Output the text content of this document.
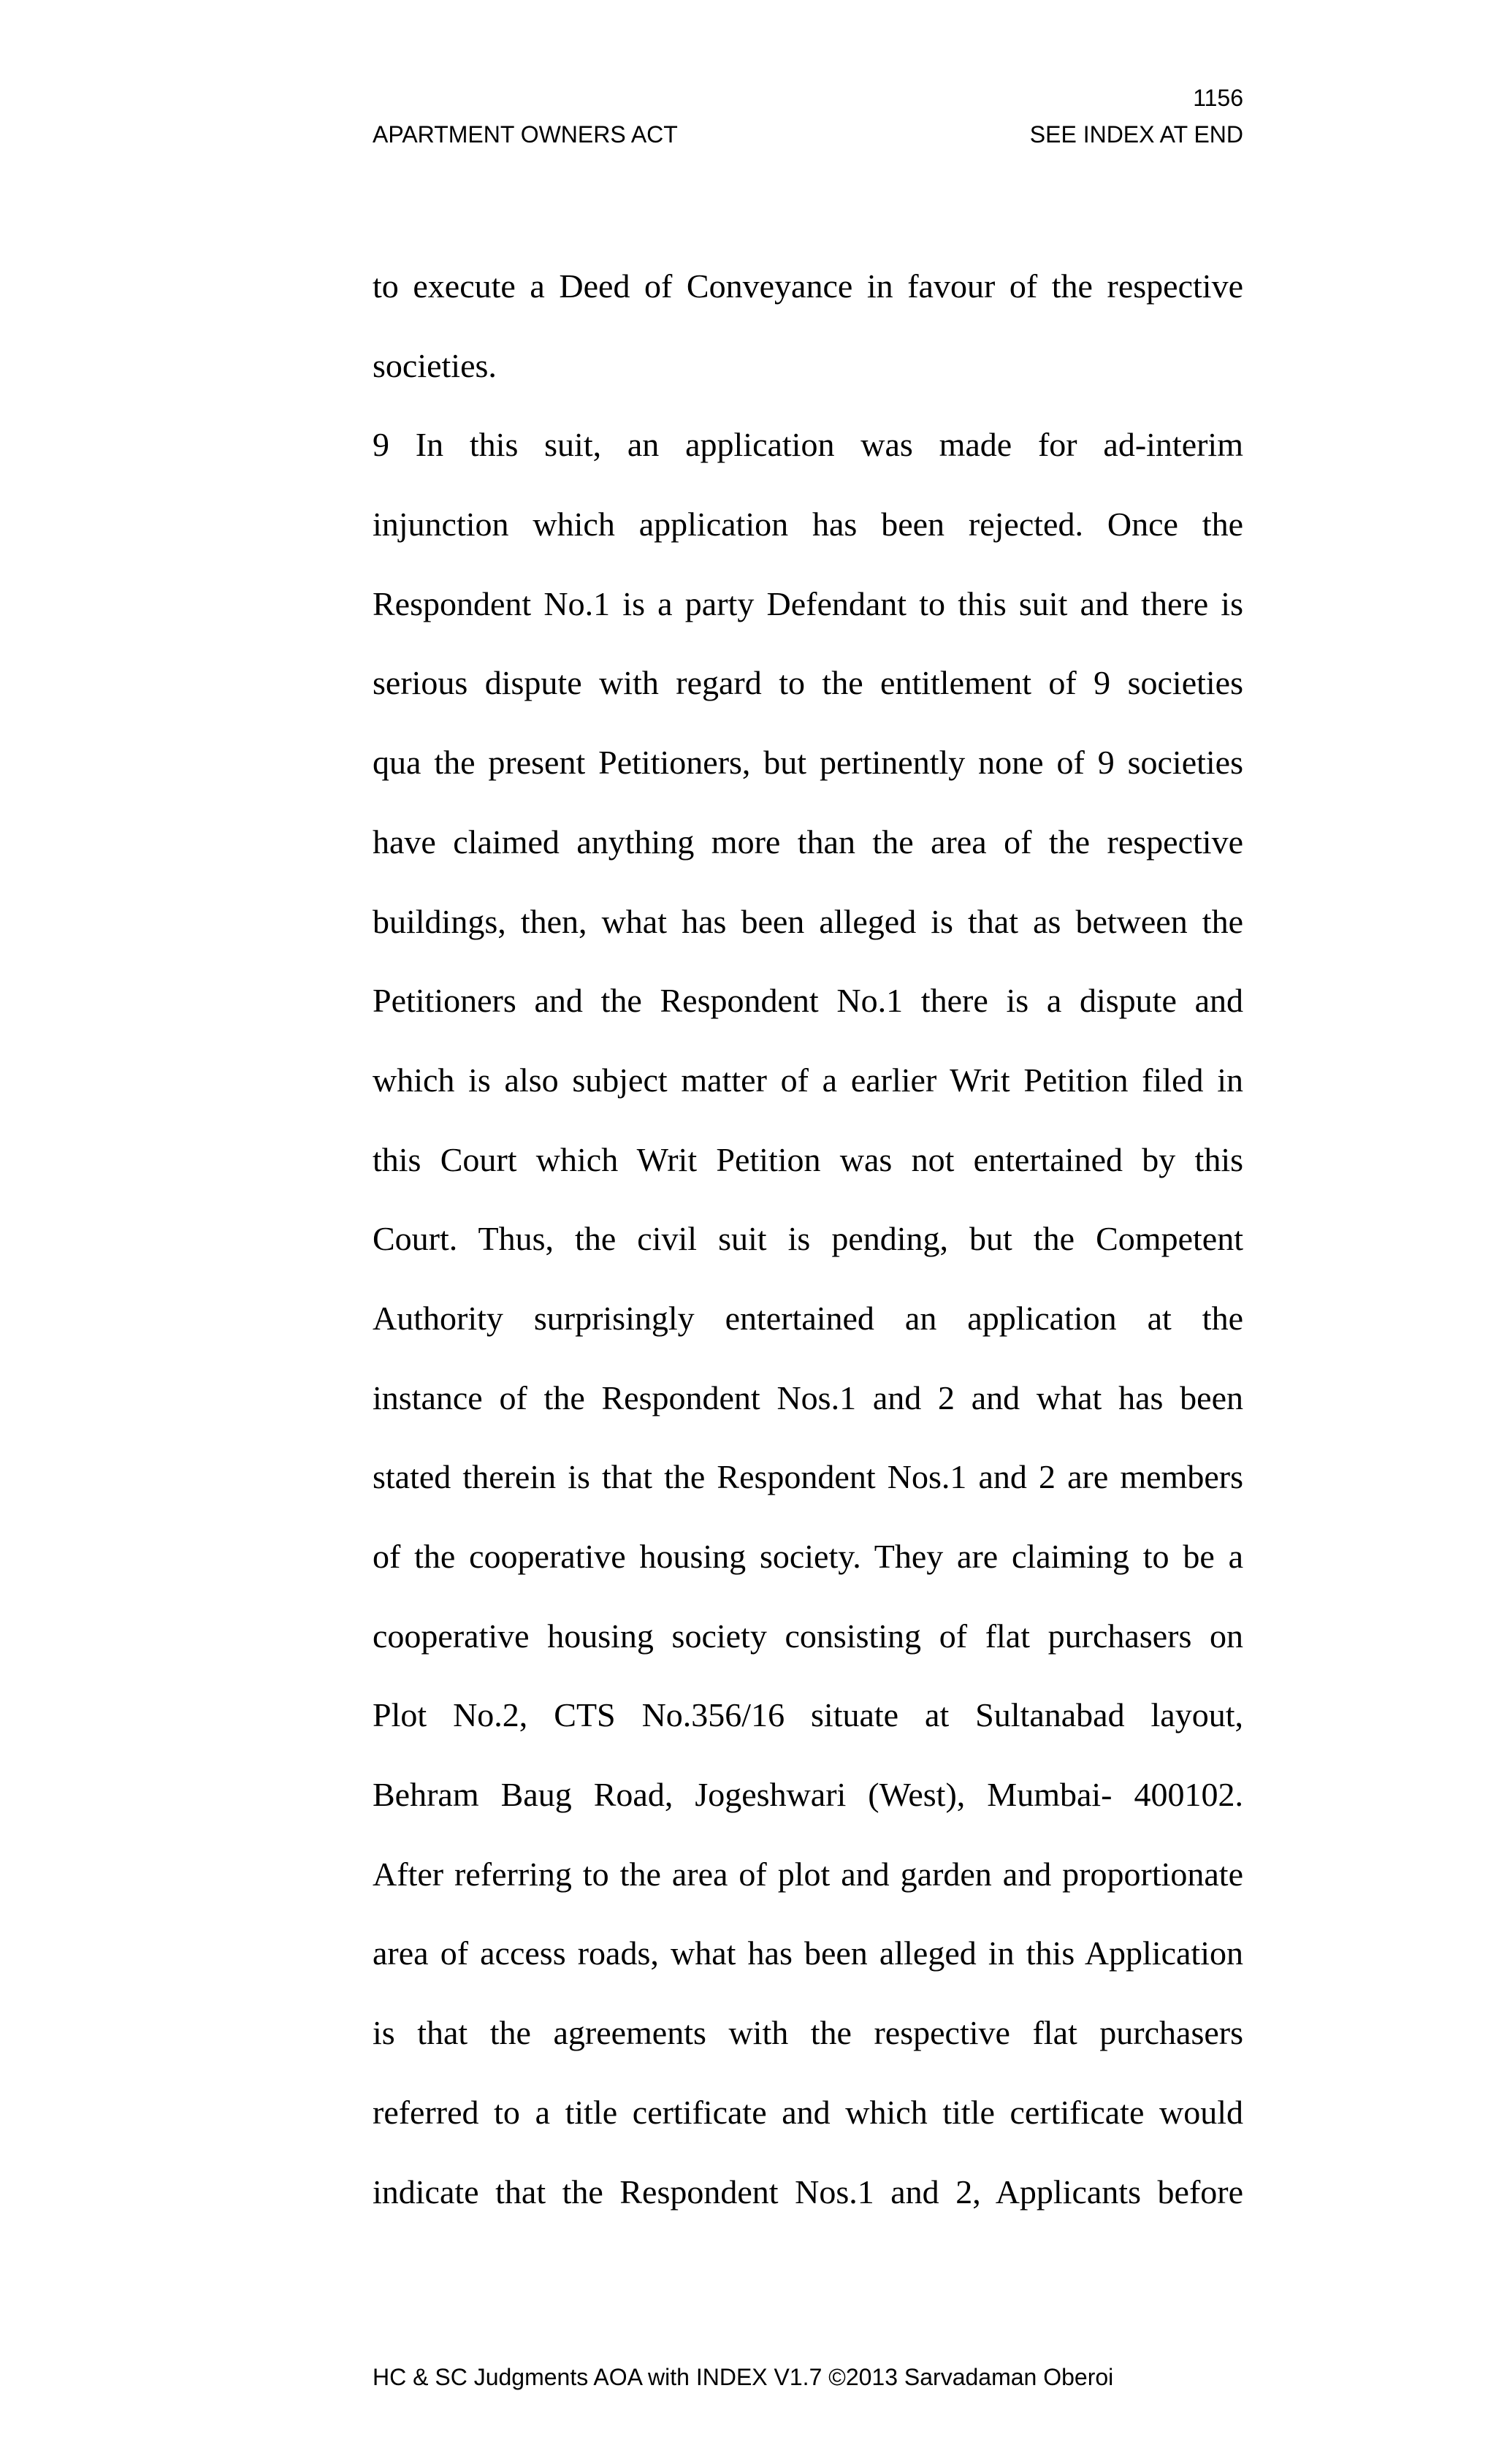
1156
APARTMENT OWNERS ACT	SEE INDEX AT END
to execute a Deed of Conveyance in favour of the respective
societies.
9 In this suit, an application was made for ad-interim
injunction which application has been rejected. Once the
Respondent No.1 is a party Defendant to this suit and there is
serious dispute with regard to the entitlement of 9 societies
qua the present Petitioners, but pertinently none of 9 societies
have claimed anything more than the area of the respective
buildings, then, what has been alleged is that as between the
Petitioners and the Respondent No.1 there is a dispute and
which is also subject matter of a earlier Writ Petition filed in
this Court which Writ Petition was not entertained by this
Court. Thus, the civil suit is pending, but the Competent
Authority surprisingly entertained an application at the
instance of the Respondent Nos.1 and 2 and what has been
stated therein is that the Respondent Nos.1 and 2 are members
of the cooperative housing society. They are claiming to be a
cooperative housing society consisting of flat purchasers on
Plot No.2, CTS No.356/16 situate at Sultanabad layout,
Behram Baug Road, Jogeshwari (West), Mumbai- 400102.
After referring to the area of plot and garden and proportionate
area of access roads, what has been alleged in this Application
is that the agreements with the respective flat purchasers
referred to a title certificate and which title certificate would
indicate that the Respondent Nos.1 and 2, Applicants before
HC & SC Judgments AOA with INDEX V1.7 ©2013 Sarvadaman Oberoi
